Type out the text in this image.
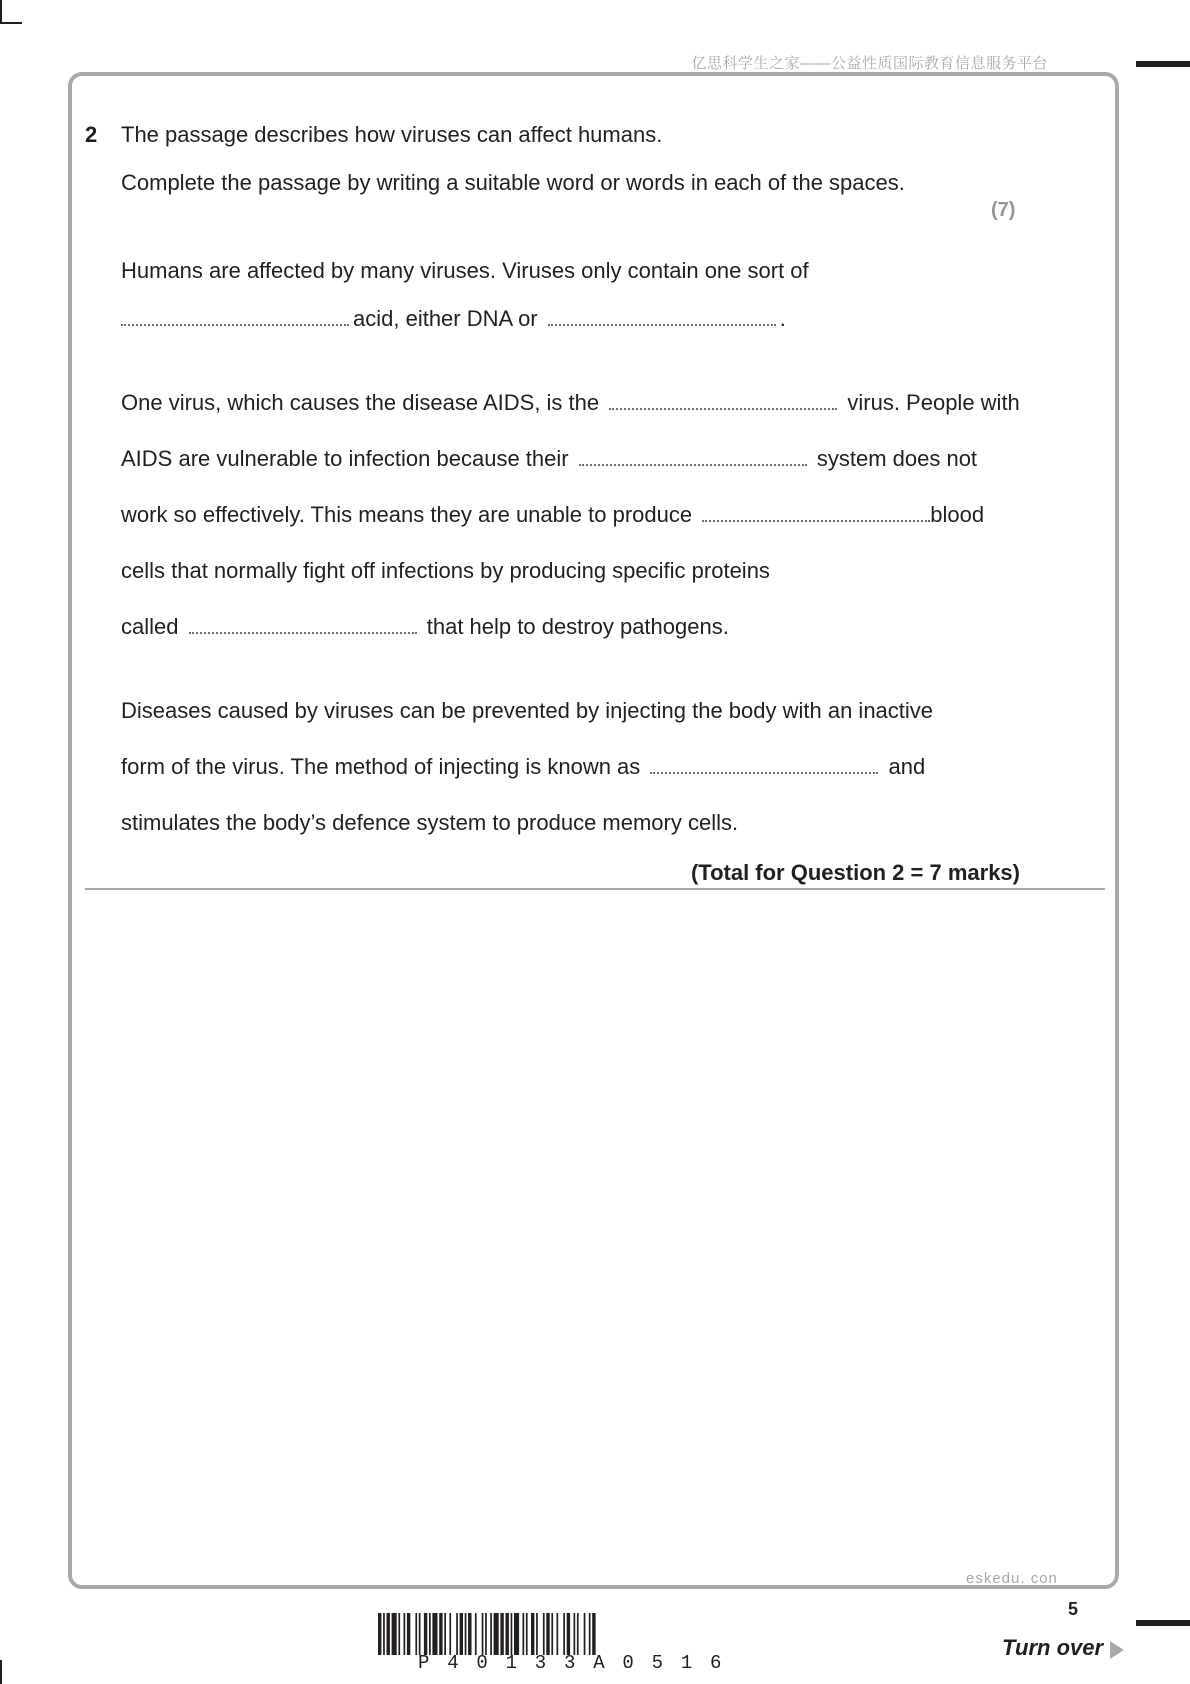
亿思科学生之家——公益性质国际教育信息服务平台
2 The passage describes how viruses can affect humans.
Complete the passage by writing a suitable word or words in each of the spaces.
(7)
Humans are affected by many viruses. Viruses only contain one sort of
acid, either DNA or	.
One virus, which causes the disease AIDS, is the	virus. People with
AIDS are vulnerable to infection because their	system does not
work so effectively. This means they are unable to produce	blood
cells that normally fight off infections by producing specific proteins
called	that help to destroy pathogens.
Diseases caused by viruses can be prevented by injecting the body with an inactive
form of the virus. The method of injecting is known as	and
stimulates the body’s defence system to produce memory cells.
(Total for Question 2 = 7 marks)
eskedu. con
5
Turn over
P40133A0516
